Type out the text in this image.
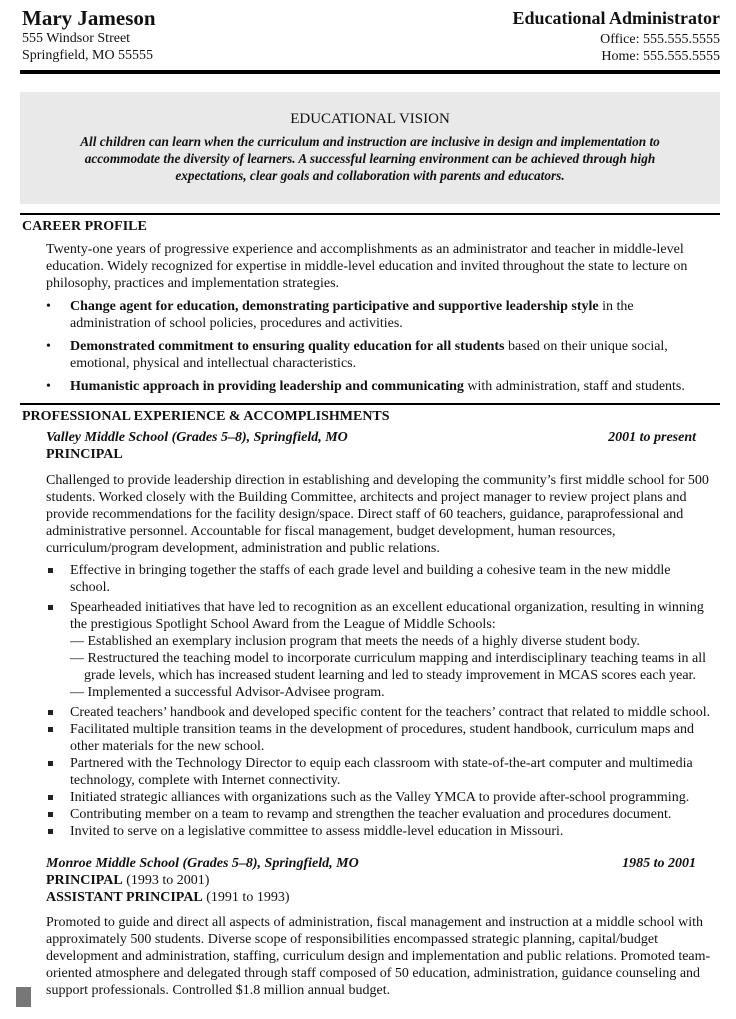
Mary Jameson
555 Windsor Street
Springfield, MO 55555
Educational Administrator
Office: 555.555.5555
Home: 555.555.5555
EDUCATIONAL VISION

All children can learn when the curriculum and instruction are inclusive in design and implementation to accommodate the diversity of learners. A successful learning environment can be achieved through high expectations, clear goals and collaboration with parents and educators.

CAREER PROFILE

Twenty-one years of progressive experience and accomplishments as an administrator and teacher in middle-level education. Widely recognized for expertise in middle-level education and invited throughout the state to lecture on philosophy, practices and implementation strategies.

• Change agent for education, demonstrating participative and supportive leadership style in the administration of school policies, procedures and activities.
• Demonstrated commitment to ensuring quality education for all students based on their unique social, emotional, physical and intellectual characteristics.
• Humanistic approach in providing leadership and communicating with administration, staff and students.
PROFESSIONAL EXPERIENCE & ACCOMPLISHMENTS
Valley Middle School (Grades 5–8), Springfield, MO	2001 to present
PRINCIPAL

Challenged to provide leadership direction in establishing and developing the community’s first middle school for 500 students. Worked closely with the Building Committee, architects and project manager to review project plans and provide recommendations for the facility design/space. Direct staff of 60 teachers, guidance, paraprofessional and administrative personnel. Accountable for fiscal management, budget development, human resources, curriculum/program development, administration and public relations.

Effective in bringing together the staffs of each grade level and building a cohesive team in the new middle school.
Spearheaded initiatives that have led to recognition as an excellent educational organization, resulting in winning the prestigious Spotlight School Award from the League of Middle Schools:
— Established an exemplary inclusion program that meets the needs of a highly diverse student body.
— Restructured the teaching model to incorporate curriculum mapping and interdisciplinary teaching teams in all grade levels, which has increased student learning and led to steady improvement in MCAS scores each year.
— Implemented a successful Advisor-Advisee program.
Created teachers’ handbook and developed specific content for the teachers’ contract that related to middle school.
Facilitated multiple transition teams in the development of procedures, student handbook, curriculum maps and other materials for the new school.
Partnered with the Technology Director to equip each classroom with state-of-the-art computer and multimedia technology, complete with Internet connectivity.
Initiated strategic alliances with organizations such as the Valley YMCA to provide after-school programming.
Contributing member on a team to revamp and strengthen the teacher evaluation and procedures document.
Invited to serve on a legislative committee to assess middle-level education in Missouri.
Monroe Middle School (Grades 5–8), Springfield, MO	1985 to 2001
PRINCIPAL (1993 to 2001)
ASSISTANT PRINCIPAL (1991 to 1993)

Promoted to guide and direct all aspects of administration, fiscal management and instruction at a middle school with approximately 500 students. Diverse scope of responsibilities encompassed strategic planning, capital/budget development and administration, staffing, curriculum design and implementation and public relations. Promoted team-oriented atmosphere and delegated through staff composed of 50 education, administration, guidance counseling and support professionals. Controlled $1.8 million annual budget.
